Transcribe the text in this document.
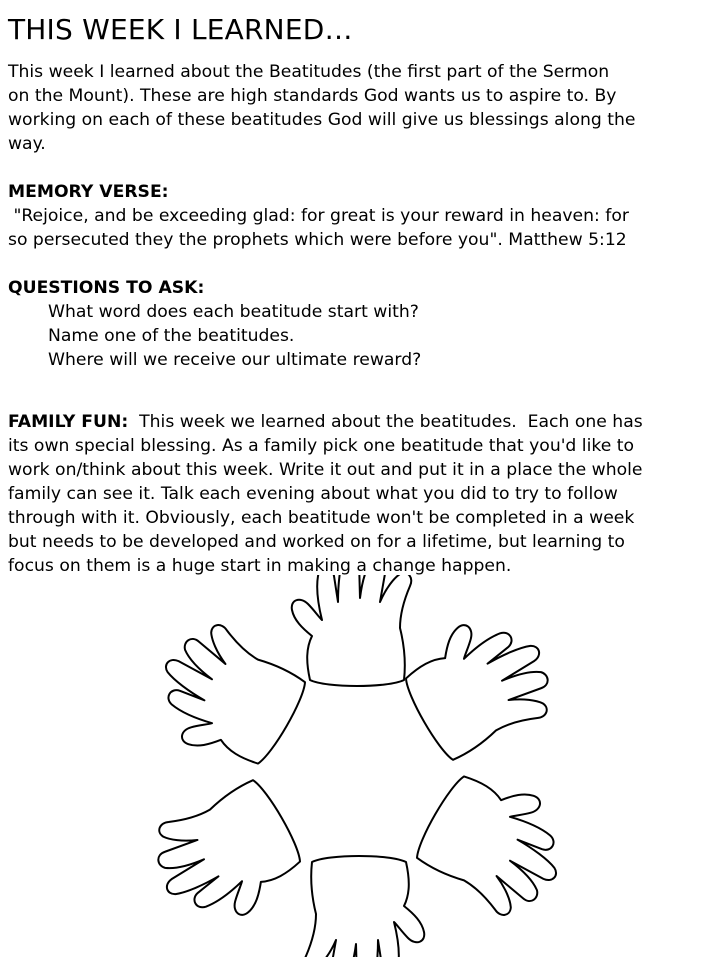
THIS WEEK I LEARNED…

This week I learned about the Beatitudes (the first part of the Sermon
on the Mount). These are high standards God wants us to aspire to. By
working on each of these beatitudes God will give us blessings along the
way.

MEMORY VERSE:
"Rejoice, and be exceeding glad: for great is your reward in heaven: for
so persecuted they the prophets which were before you". Matthew 5:12
QUESTIONS TO ASK:
What word does each beatitude start with?
Name one of the beatitudes.
Where will we receive our ultimate reward?
FAMILY FUN:  This week we learned about the beatitudes.  Each one has
its own special blessing. As a family pick one beatitude that you'd like to
work on/think about this week. Write it out and put it in a place the whole
family can see it. Talk each evening about what you did to try to follow
through with it. Obviously, each beatitude won't be completed in a week
but needs to be developed and worked on for a lifetime, but learning to
focus on them is a huge start in making a change happen.
